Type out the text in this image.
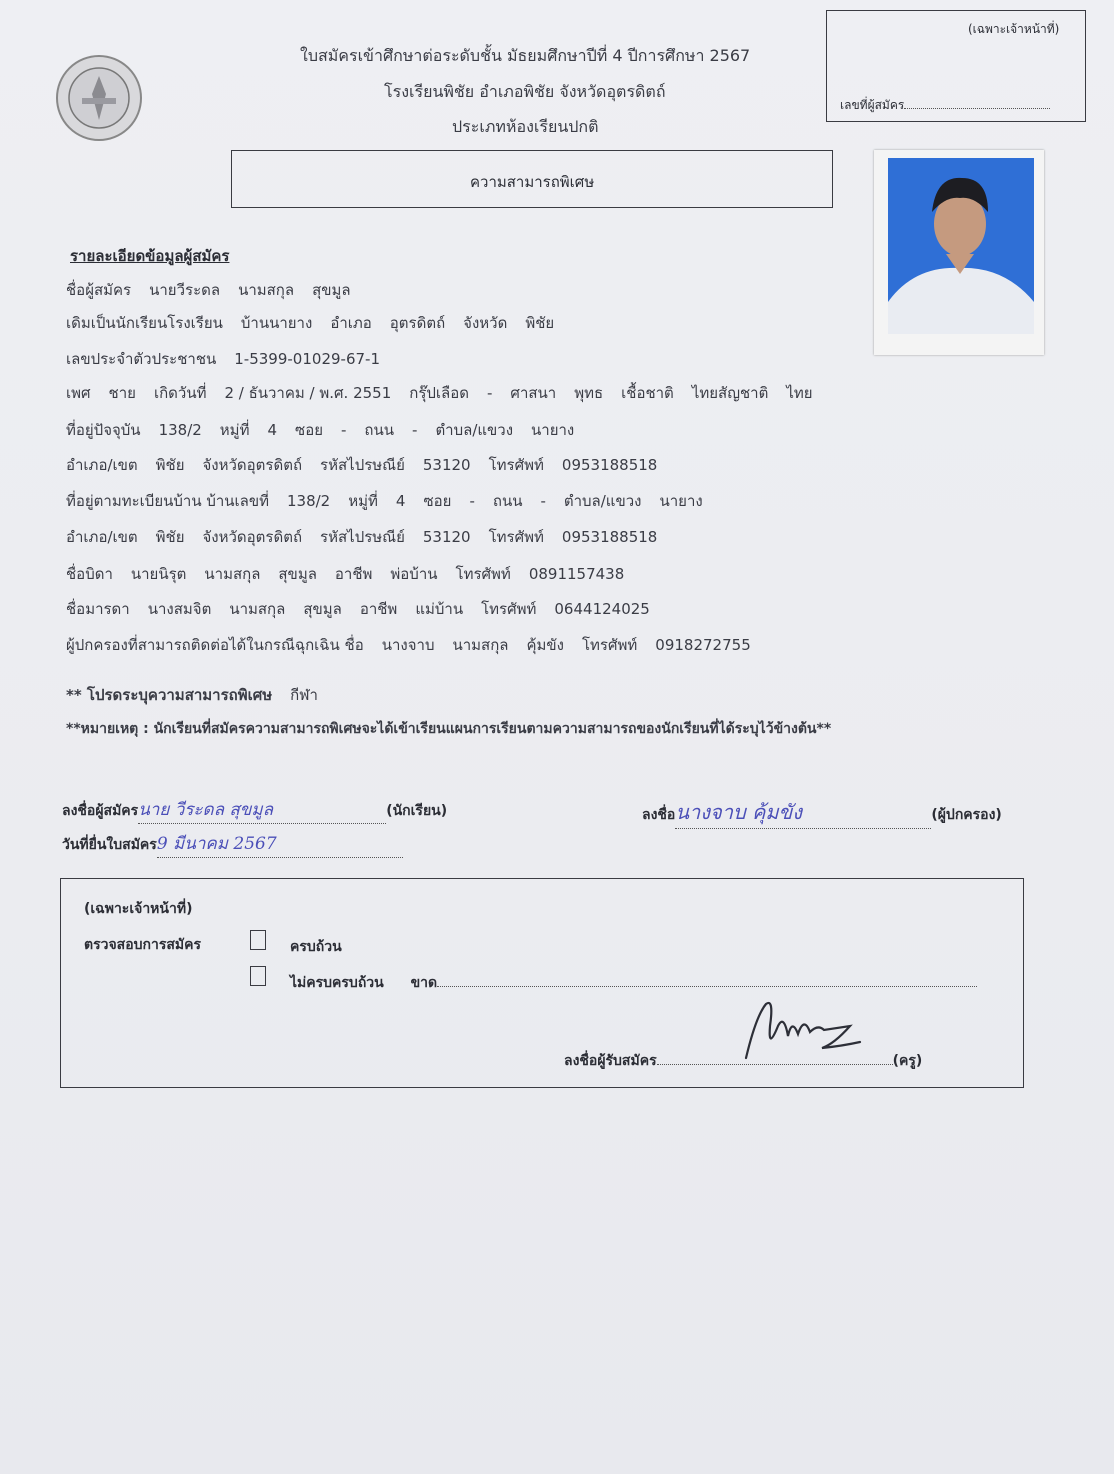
ใบสมัครเข้าศึกษาต่อระดับชั้น มัธยมศึกษาปีที่ 4 ปีการศึกษา 2567
โรงเรียนพิชัย อำเภอพิชัย จังหวัดอุตรดิตถ์
ประเภทห้องเรียนปกติ
(เฉพาะเจ้าหน้าที่)
เลขที่ผู้สมัคร
ความสามารถพิเศษ
รายละเอียดข้อมูลผู้สมัคร
ชื่อผู้สมัคร นายวีระดล นามสกุล สุขมูล
เดิมเป็นนักเรียนโรงเรียน บ้านนายาง อำเภอ อุตรดิตถ์ จังหวัด พิชัย
เลขประจำตัวประชาชน 1-5399-01029-67-1
เพศ ชาย เกิดวันที่ 2 / ธันวาคม / พ.ศ. 2551 กรุ๊ปเลือด - ศาสนา พุทธ เชื้อชาติ ไทยสัญชาติ ไทย
ที่อยู่ปัจจุบัน 138/2 หมู่ที่ 4 ซอย - ถนน - ตำบล/แขวง นายาง
อำเภอ/เขต พิชัย จังหวัดอุตรดิตถ์ รหัสไปรษณีย์ 53120 โทรศัพท์ 0953188518
ที่อยู่ตามทะเบียนบ้าน บ้านเลขที่ 138/2 หมู่ที่ 4 ซอย - ถนน - ตำบล/แขวง นายาง
อำเภอ/เขต พิชัย จังหวัดอุตรดิตถ์ รหัสไปรษณีย์ 53120 โทรศัพท์ 0953188518
ชื่อบิดา นายนิรุต นามสกุล สุขมูล อาชีพ พ่อบ้าน โทรศัพท์ 0891157438
ชื่อมารดา นางสมจิต นามสกุล สุขมูล อาชีพ แม่บ้าน โทรศัพท์ 0644124025
ผู้ปกครองที่สามารถติดต่อได้ในกรณีฉุกเฉิน ชื่อ นางจาบ นามสกุล คุ้มขัง โทรศัพท์ 0918272755
** โปรดระบุความสามารถพิเศษ กีฬา
**หมายเหตุ : นักเรียนที่สมัครความสามารถพิเศษจะได้เข้าเรียนแผนการเรียนตามความสามารถของนักเรียนที่ได้ระบุไว้ข้างต้น**
ลงชื่อผู้สมัครนาย วีระดล สุขมูล	(นักเรียน)	ลงชื่อนางจาบ คุ้มขัง	(ผู้ปกครอง)
วันที่ยื่นใบสมัคร9 มีนาคม 2567
(เฉพาะเจ้าหน้าที่)
ตรวจสอบการสมัคร	ครบถ้วน
ไม่ครบครบถ้วน ขาด
ลงชื่อผู้รับสมัคร	(ครู)
